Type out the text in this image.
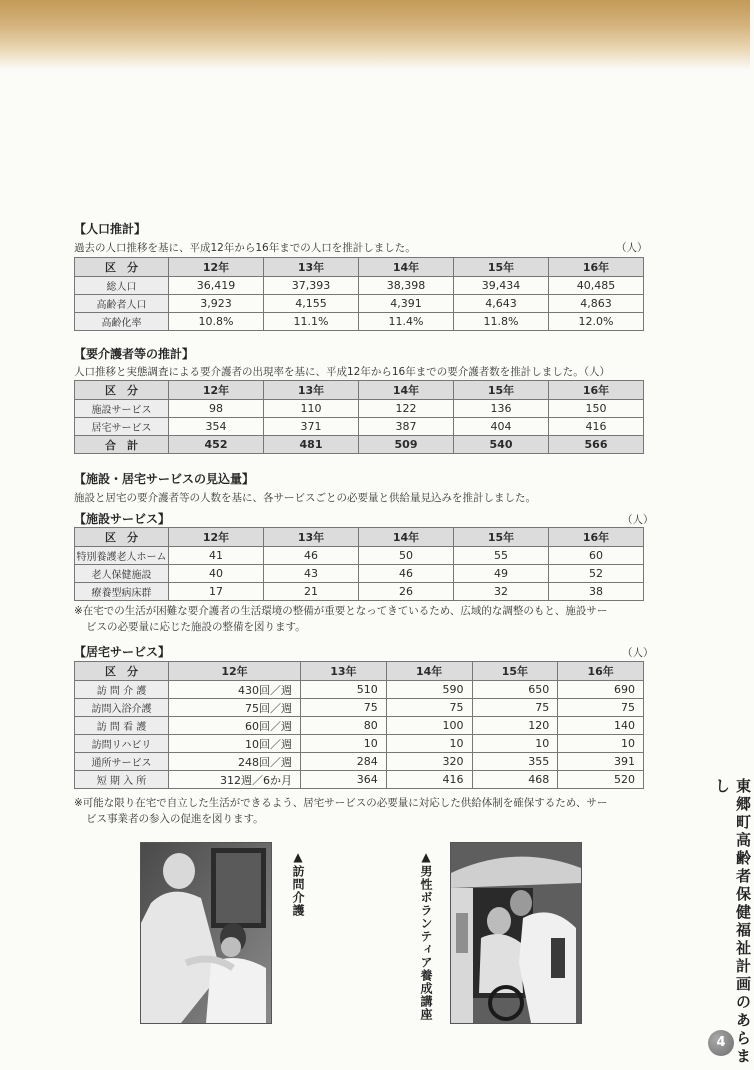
【人口推計】
過去の人口推移を基に、平成12年から16年までの人口を推計しました。	（人）
区　分	12年	13年	14年	15年	16年
総人口	36,419	37,393	38,398	39,434	40,485
高齢者人口	3,923	4,155	4,391	4,643	4,863
高齢化率	10.8%	11.1%	11.4%	11.8%	12.0%
【要介護者等の推計】
人口推移と実態調査による要介護者の出現率を基に、平成12年から16年までの要介護者数を推計しました。（人）
区　分	12年	13年	14年	15年	16年
施設サービス	98	110	122	136	150
居宅サービス	354	371	387	404	416
合　計	452	481	509	540	566
【施設・居宅サービスの見込量】
施設と居宅の要介護者等の人数を基に、各サービスごとの必要量と供給量見込みを推計しました。
【施設サービス】	（人）
区　分	12年	13年	14年	15年	16年
特別養護老人ホーム	41	46	50	55	60
老人保健施設	40	43	46	49	52
療養型病床群	17	21	26	32	38
※在宅での生活が困難な要介護者の生活環境の整備が重要となってきているため、広域的な調整のもと、施設サー
ビスの必要量に応じた施設の整備を図ります。
【居宅サービス】	（人）
区　分	12年	13年	14年	15年	16年
訪 問 介 護	430回／週	510	590	650	690
訪問入浴介護	75回／週	75	75	75	75
訪 問 看 護	60回／週	80	100	120	140
訪問リハビリ	10回／週	10	10	10	10
通所サービス	248回／週	284	320	355	391
短 期 入 所	312週／6か月	364	416	468	520
※可能な限り在宅で自立した生活ができるよう、居宅サービスの必要量に対応した供給体制を確保するため、サー
ビス事業者の参入の促進を図ります。
▲訪問介護	▲男性ボランティア養成講座	東郷町高齢者保健福祉計画のあらまし
4
